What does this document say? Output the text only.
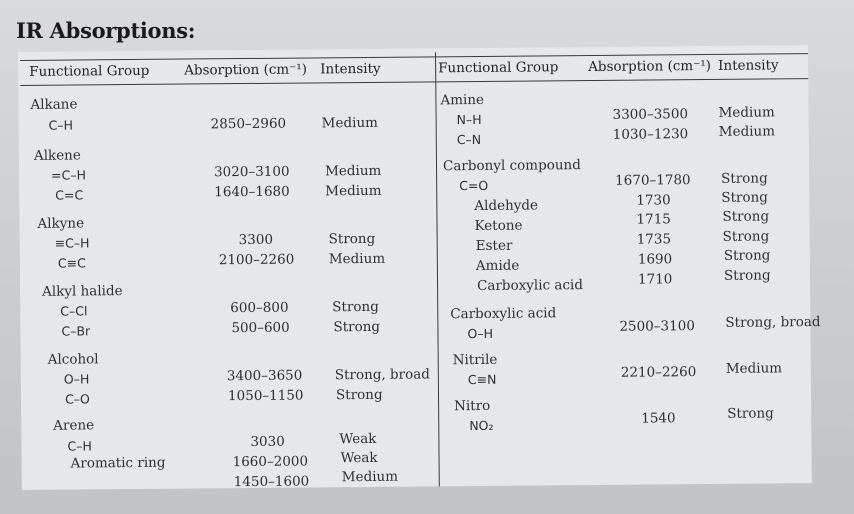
IR Absorptions:
Functional Group	Absorption (cm⁻¹) Intensity	Functional Group Absorption (cm⁻¹) Intensity
Alkane
C–H	2850–2960	Medium
Alkene
=C–H	3020–3100	Medium
C=C	1640–1680	Medium
Alkyne
≡C–H	3300	Strong
C≡C	2100–2260	Medium
Alkyl halide
C–Cl	600–800	Strong
C–Br	500–600	Strong
Alcohol
O–H	3400–3650 Strong, broad
C–O	1050–1150 Strong
Arene
C–H	3030	Weak
Aromatic ring	1660–2000 Weak
1450–1600 Medium
Amine
N–H	3300–3500 Medium
C–N	1030–1230 Medium
Carbonyl compound
C=O	1670–1780 Strong
Aldehyde	1730	Strong
Ketone	1715	Strong
Ester	1735	Strong
Amide	1690	Strong
Carboxylic acid	1710	Strong
Carboxylic acid
O–H	2500–3100 Strong, broad
Nitrile
C≡N	2210–2260 Medium
Nitro
NO₂	1540	Strong
